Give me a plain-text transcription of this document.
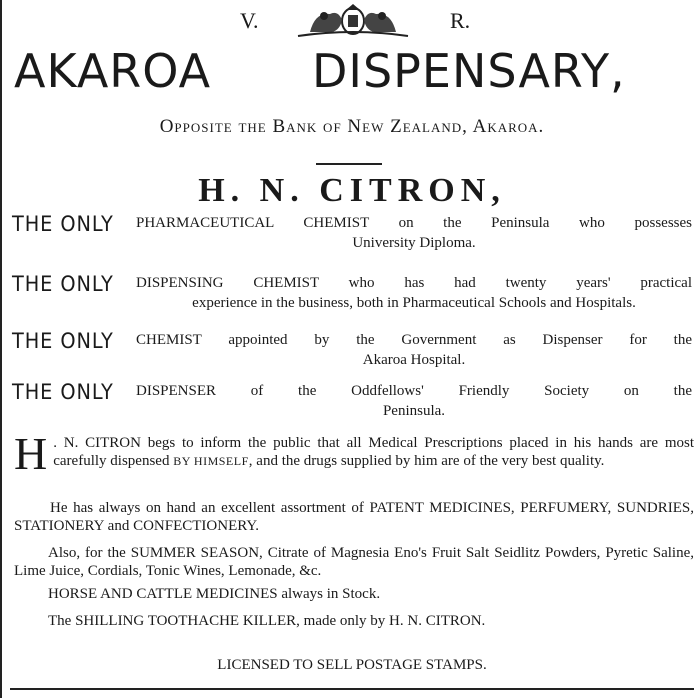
V.	R.
AKAROA DISPENSARY,
Opposite the Bank of New Zealand, Akaroa.
H. N. CITRON,
THE ONLY PHARMACEUTICAL CHEMIST on the Peninsula who possesses
University Diploma.
THE ONLY DISPENSING CHEMIST who has had twenty years' practical
experience in the business, both in Pharmaceutical Schools and Hospitals.
THE ONLY CHEMIST appointed by the Government as Dispenser for the
Akaroa Hospital.
THE ONLY DISPENSER of the Oddfellows' Friendly Society on the
Peninsula.
H . N. CITRON begs to inform the public that all Medical Prescriptions placed in his hands are most carefully dispensed BY HIMSELF, and the drugs supplied by him are of the very best quality.
He has always on hand an excellent assortment of PATENT MEDICINES, PERFUMERY, SUNDRIES, STATIONERY and CONFECTIONERY.
Also, for the SUMMER SEASON, Citrate of Magnesia Eno's Fruit Salt Seidlitz Powders, Pyretic Saline, Lime Juice, Cordials, Tonic Wines, Lemonade, &c.
HORSE AND CATTLE MEDICINES always in Stock.
The SHILLING TOOTHACHE KILLER, made only by H. N. CITRON.
LICENSED TO SELL POSTAGE STAMPS.
